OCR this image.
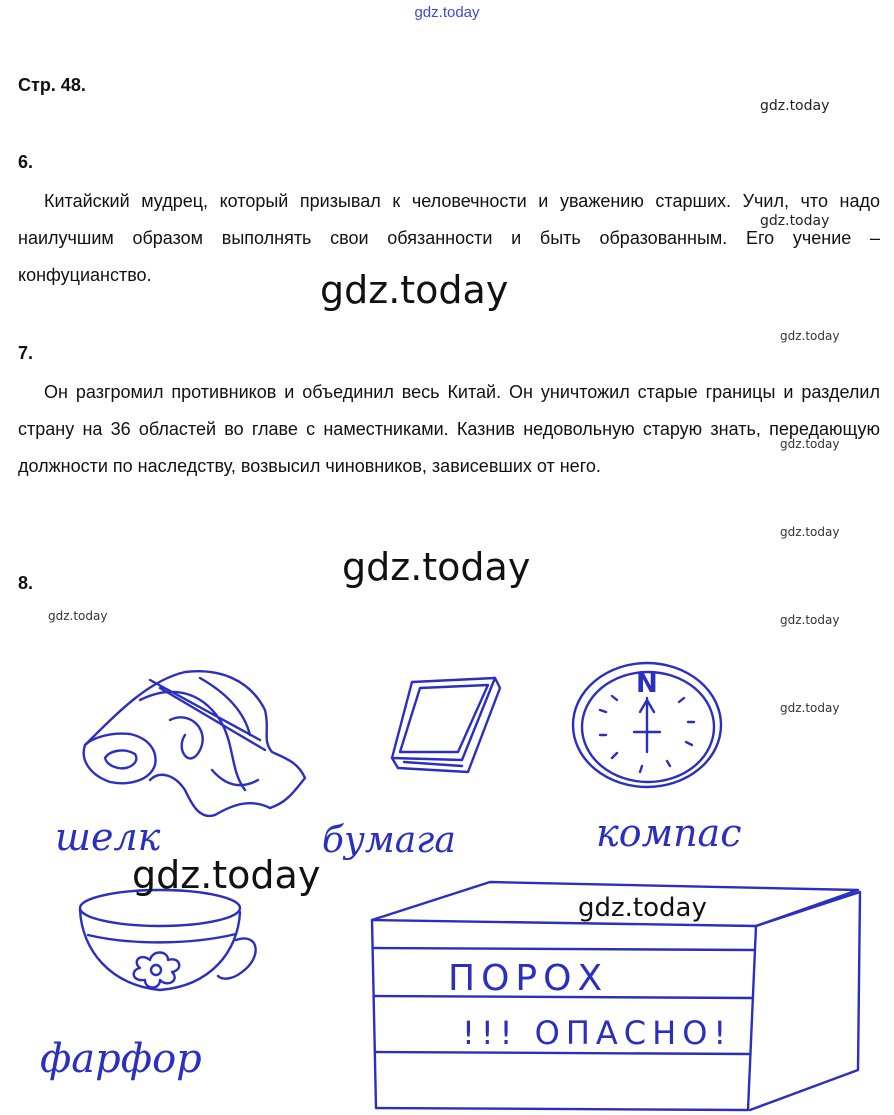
gdz.today
Стр. 48.
gdz.today
6.
Китайский мудрец, который призывал к человечности и уважению старших. Учил, что надо наилучшим образом выполнять свои обязанности и быть образованным. Его учение – конфуцианство.
gdz.today
gdz.today
gdz.today
7.
Он разгромил противников и объединил весь Китай. Он уничтожил старые границы и разделил страну на 36 областей во главе с наместниками. Казнив недовольную старую знать, передающую должности по наследству, возвысил чиновников, зависевших от него.
gdz.today
gdz.today
gdz.today
8.
gdz.today	gdz.today
gdz.today
шелк	бумага
N
компас
фарфор
ПОРОХ
!!! ОПАСНО!
gdz.today
gdz.today
